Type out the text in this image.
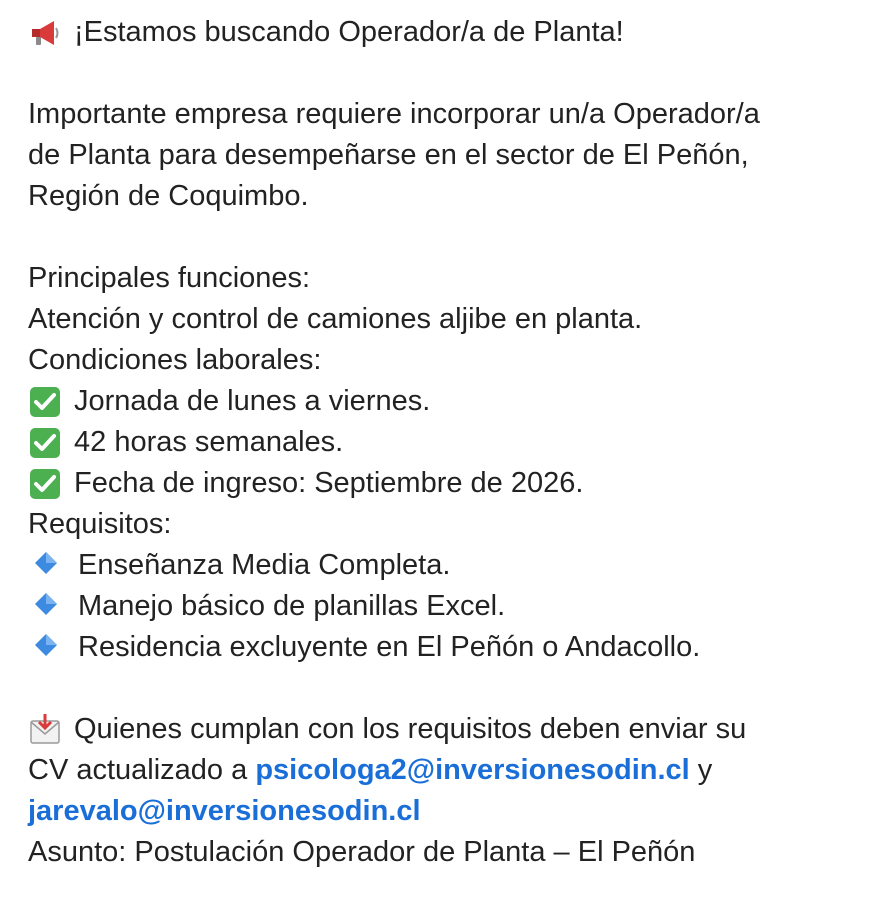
¡Estamos buscando Operador/a de Planta!
Importante empresa requiere incorporar un/a Operador/a
de Planta para desempeñarse en el sector de El Peñón,
Región de Coquimbo.
Principales funciones:
Atención y control de camiones aljibe en planta.
Condiciones laborales:
Jornada de lunes a viernes.
42 horas semanales.
Fecha de ingreso: Septiembre de 2026.
Requisitos:
Enseñanza Media Completa.
Manejo básico de planillas Excel.
Residencia excluyente en El Peñón o Andacollo.
Quienes cumplan con los requisitos deben enviar su
CV actualizado a psicologa2@inversionesodin.cl y
jarevalo@inversionesodin.cl
Asunto: Postulación Operador de Planta – El Peñón
